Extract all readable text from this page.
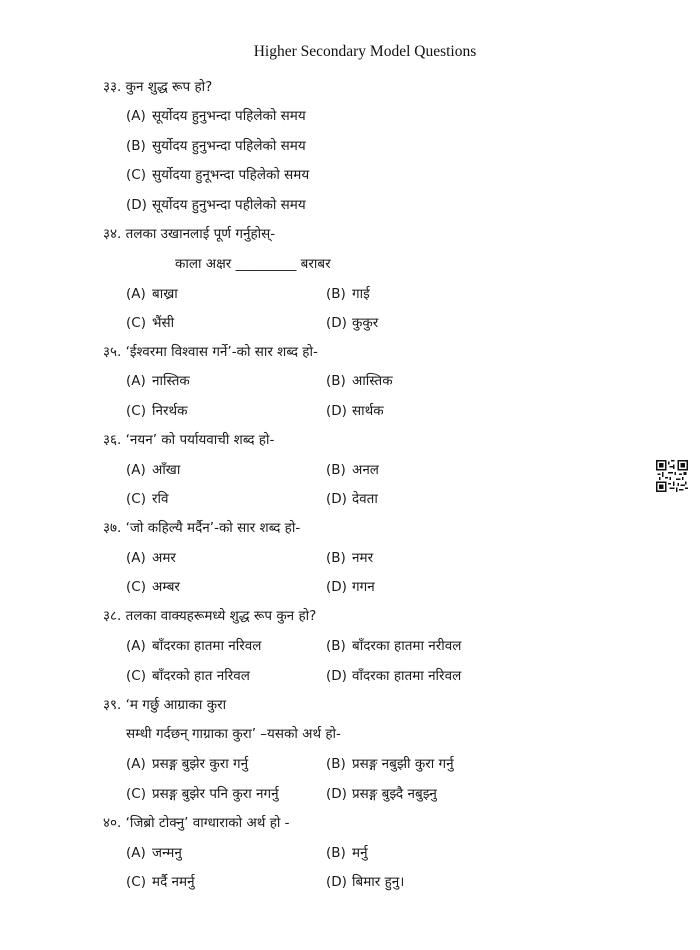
Higher Secondary Model Questions
३३. कुन शुद्ध रूप हो?
(A) सूर्योदय हुनुभन्दा पहिलेको समय
(B) सुर्योदय हुनुभन्दा पहिलेको समय
(C) सुर्योदया हुनूभन्दा पहिलेको समय
(D) सूर्योदय हुनुभन्दा पहीलेको समय
३४. तलका उखानलाई पूर्ण गर्नुहोस्-
काला अक्षर _________ बराबर
(A) बाख्रा	(B) गाई
(C) भैंसी	(D) कुकुर
३५. ‘ईश्वरमा विश्वास गर्ने’-को सार शब्द हो-
(A) नास्तिक	(B) आस्तिक
(C) निरर्थक	(D) सार्थक
३६. ‘नयन’ को पर्यायवाची शब्द हो-
(A) आँखा	(B) अनल
(C) रवि	(D) देवता
३७. ‘जो कहिल्यै मर्दैन’-को सार शब्द हो-
(A) अमर	(B) नमर
(C) अम्बर	(D) गगन
३८. तलका वाक्यहरूमध्ये शुद्ध रूप कुन हो?
(A) बाँदरका हातमा नरिवल	(B) बाँदरका हातमा नरीवल
(C) बाँदरको हात नरिवल	(D) वाँदरका हातमा नरिवल
३९. ‘म गर्छु आग्राका कुरा
सम्धी गर्दछन् गाग्राका कुरा’ –यसको अर्थ हो-
(A) प्रसङ्ग बुझेर कुरा गर्नु	(B) प्रसङ्ग नबुझी कुरा गर्नु
(C) प्रसङ्ग बुझेर पनि कुरा नगर्नु	(D) प्रसङ्ग बुझ्दै नबुझ्नु
४०. ‘जिब्रो टोक्नु’ वाग्धाराको अर्थ हो -
(A) जन्मनु	(B) मर्नु
(C) मर्दै नमर्नु	(D) बिमार हुनु।
